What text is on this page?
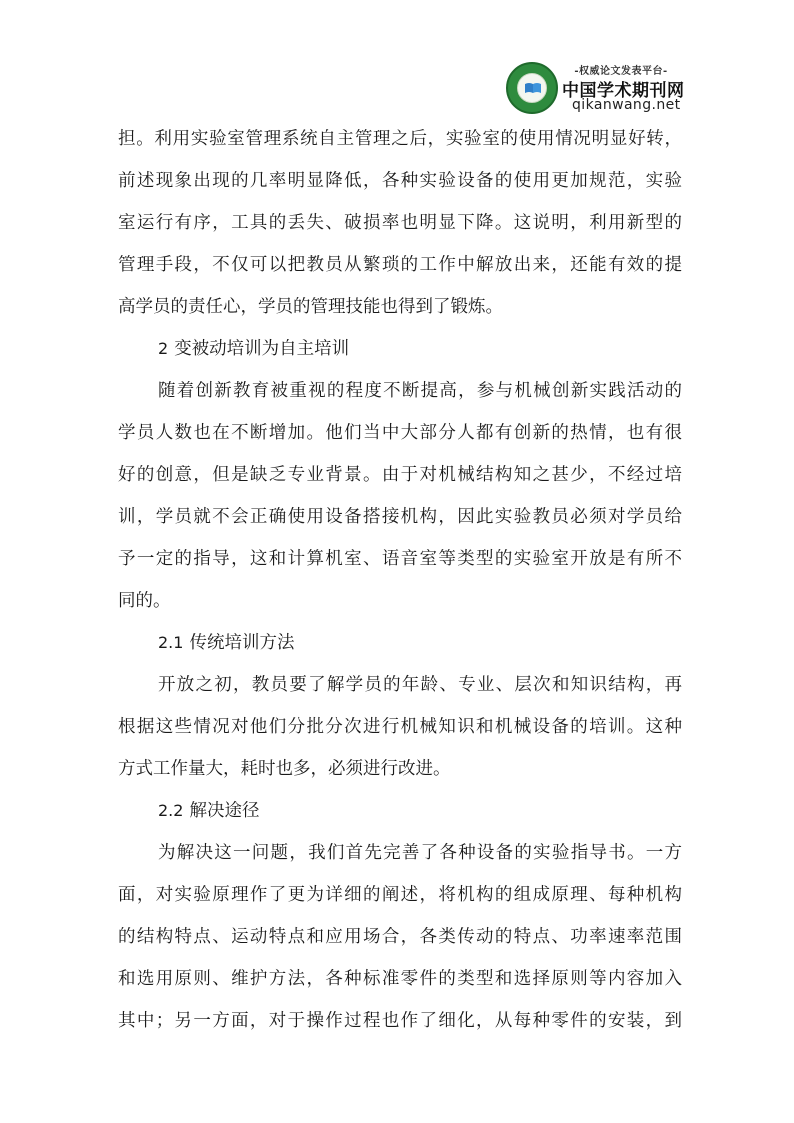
-权威论文发表平台-
中国学术期刊网
qikanwang.net
担。利用实验室管理系统自主管理之后，实验室的使用情况明显好转，
前述现象出现的几率明显降低，各种实验设备的使用更加规范，实验
室运行有序，工具的丢失、破损率也明显下降。这说明，利用新型的
管理手段，不仅可以把教员从繁琐的工作中解放出来，还能有效的提
高学员的责任心，学员的管理技能也得到了锻炼。
2 变被动培训为自主培训
随着创新教育被重视的程度不断提高，参与机械创新实践活动的
学员人数也在不断增加。他们当中大部分人都有创新的热情，也有很
好的创意，但是缺乏专业背景。由于对机械结构知之甚少，不经过培
训，学员就不会正确使用设备搭接机构，因此实验教员必须对学员给
予一定的指导，这和计算机室、语音室等类型的实验室开放是有所不
同的。
2.1 传统培训方法
开放之初，教员要了解学员的年龄、专业、层次和知识结构，再
根据这些情况对他们分批分次进行机械知识和机械设备的培训。这种
方式工作量大，耗时也多，必须进行改进。
2.2 解决途径
为解决这一问题，我们首先完善了各种设备的实验指导书。一方
面，对实验原理作了更为详细的阐述，将机构的组成原理、每种机构
的结构特点、运动特点和应用场合，各类传动的特点、功率速率范围
和选用原则、维护方法，各种标准零件的类型和选择原则等内容加入
其中；另一方面，对于操作过程也作了细化，从每种零件的安装，到
